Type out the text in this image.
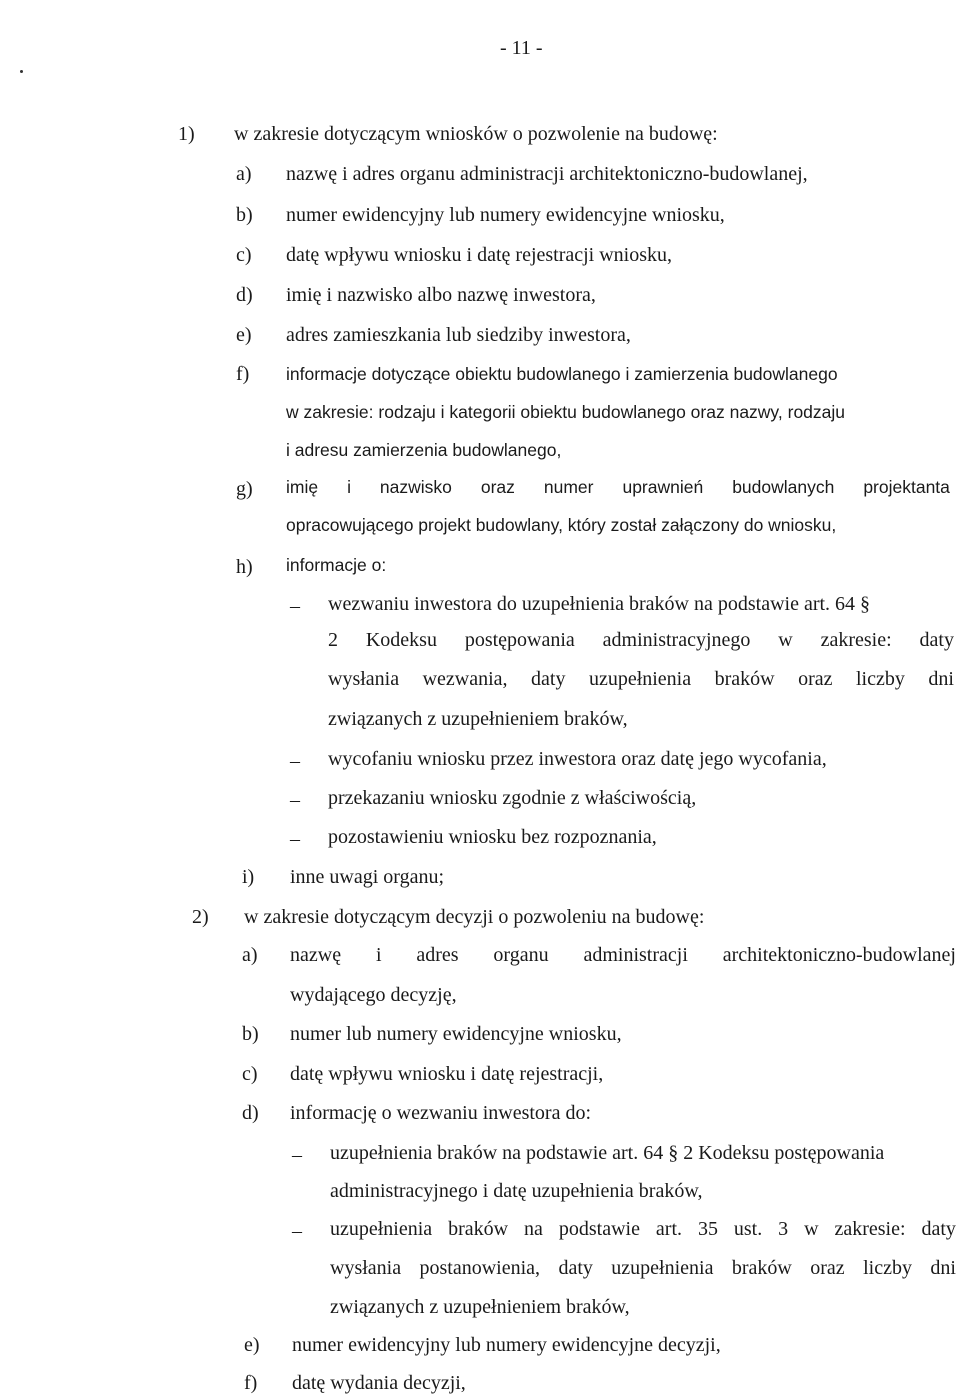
- 11 -
1) w zakresie dotyczącym wniosków o pozwolenie na budowę:
a) nazwę i adres organu administracji architektoniczno-budowlanej,
b) numer ewidencyjny lub numery ewidencyjne wniosku,
c) datę wpływu wniosku i datę rejestracji wniosku,
d) imię i nazwisko albo nazwę inwestora,
e) adres zamieszkania lub siedziby inwestora,
f) informacje dotyczące obiektu budowlanego i zamierzenia budowlanego
w zakresie: rodzaju i kategorii obiektu budowlanego oraz nazwy, rodzaju
i adresu zamierzenia budowlanego,
g) imię i nazwisko oraz numer uprawnień budowlanych projektanta
opracowującego projekt budowlany, który został załączony do wniosku,
h) informacje o:
– wezwaniu inwestora do uzupełnienia braków na podstawie art. 64 §
2 Kodeksu postępowania administracyjnego w zakresie: daty
wysłania wezwania, daty uzupełnienia braków oraz liczby dni
związanych z uzupełnieniem braków,
– wycofaniu wniosku przez inwestora oraz datę jego wycofania,
– przekazaniu wniosku zgodnie z właściwością,
– pozostawieniu wniosku bez rozpoznania,
i) inne uwagi organu;
2) w zakresie dotyczącym decyzji o pozwoleniu na budowę:
a) nazwę i adres organu administracji architektoniczno-budowlanej
wydającego decyzję,
b) numer lub numery ewidencyjne wniosku,
c) datę wpływu wniosku i datę rejestracji,
d) informację o wezwaniu inwestora do:
– uzupełnienia braków na podstawie art. 64 § 2 Kodeksu postępowania
administracyjnego i datę uzupełnienia braków,
– uzupełnienia braków na podstawie art. 35 ust. 3 w zakresie: daty
wysłania postanowienia, daty uzupełnienia braków oraz liczby dni
związanych z uzupełnieniem braków,
e) numer ewidencyjny lub numery ewidencyjne decyzji,
f) datę wydania decyzji,
